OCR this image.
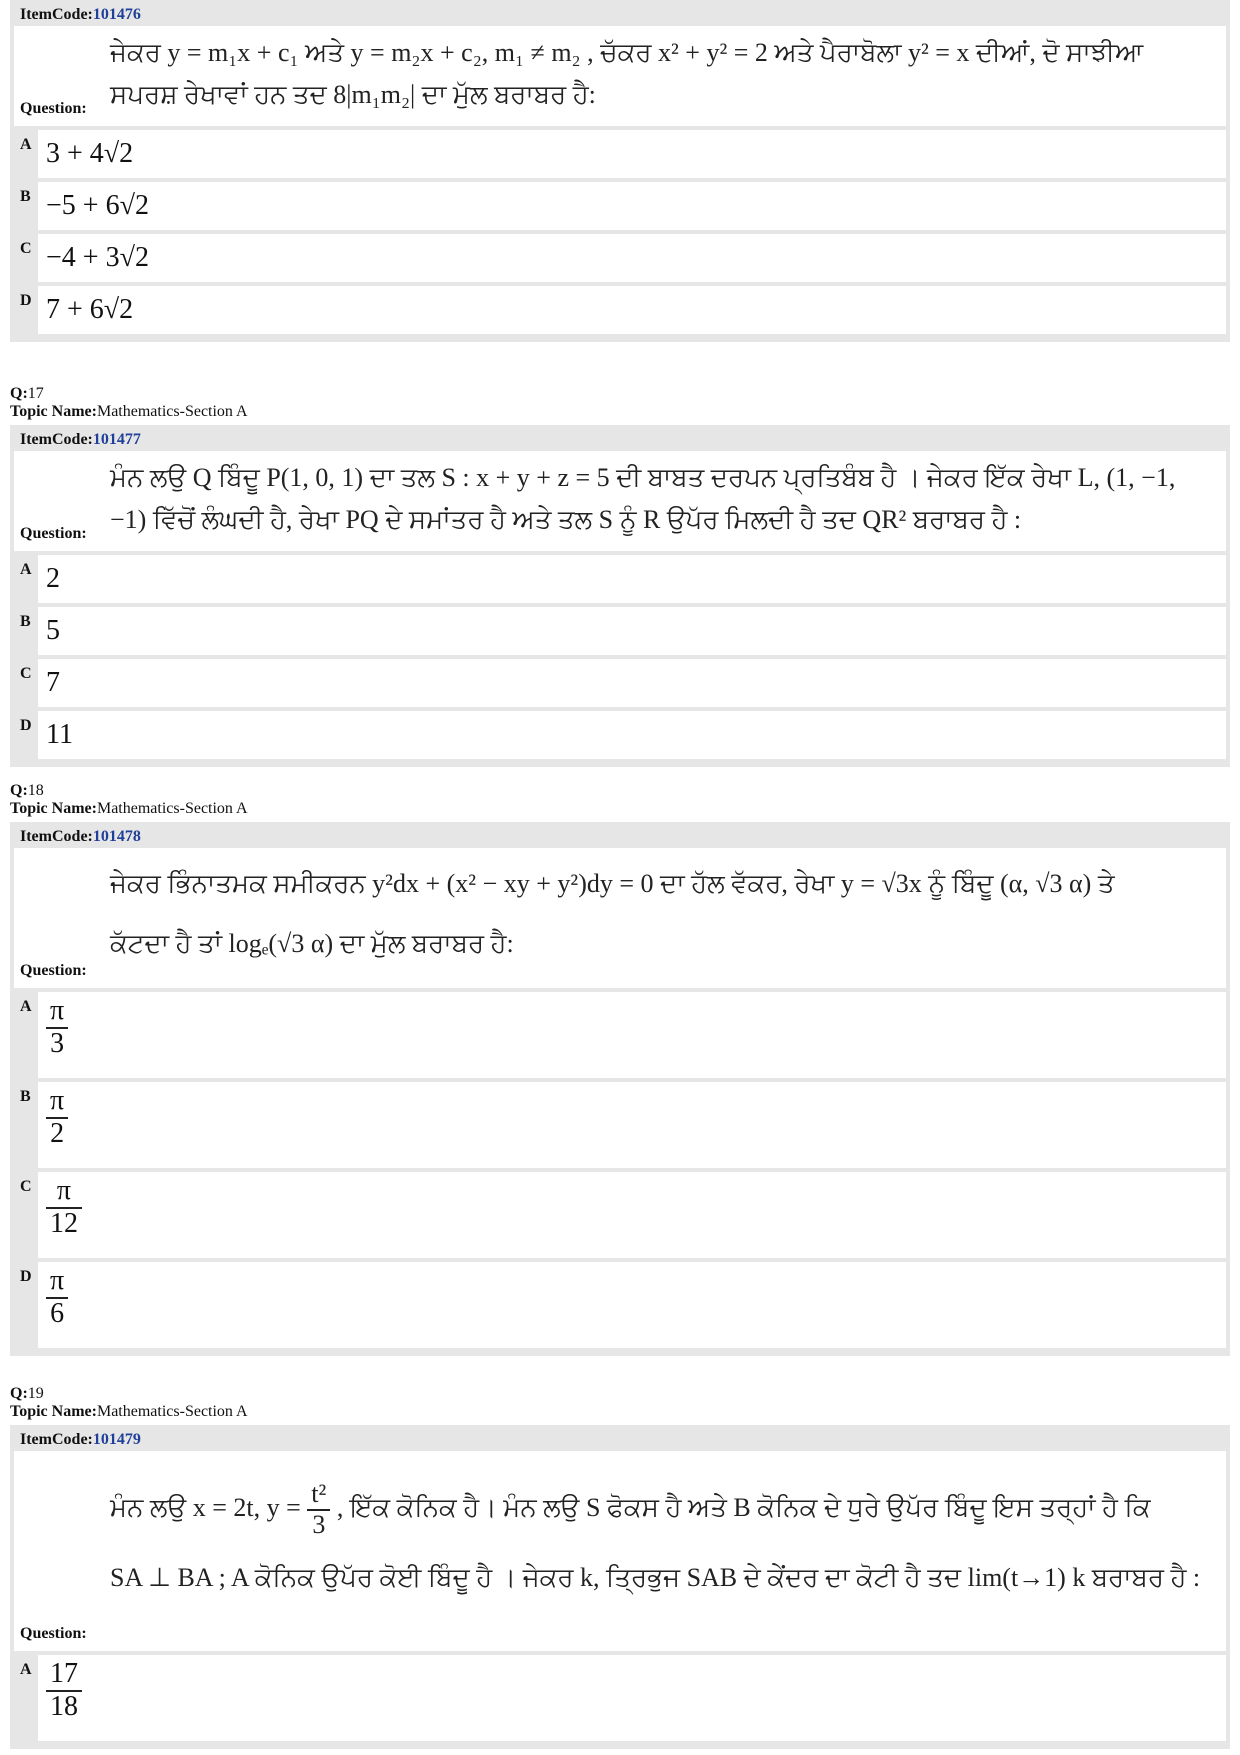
ItemCode:101476
ਜੇਕਰ y = m₁x + c₁ ਅਤੇ y = m₂x + c₂, m₁ ≠ m₂ , ਚੱਕਰ x² + y² = 2 ਅਤੇ ਪੈਰਾਬੋਲਾ y² = x ਦੀਆਂ, ਦੋ ਸਾਝੀਆ ਸਪਰਸ਼ ਰੇਖਾਵਾਂ ਹਨ ਤਦ 8|m₁m₂| ਦਾ ਮੁੱਲ ਬਰਾਬਰ ਹੈ:
Question:
A 3 + 4√2
B −5 + 6√2
C −4 + 3√2
D 7 + 6√2
Q:17
Topic Name:Mathematics-Section A
ItemCode:101477
ਮੰਨ ਲਉ Q ਬਿੰਦੂ P(1, 0, 1) ਦਾ ਤਲ S : x + y + z = 5 ਦੀ ਬਾਬਤ ਦਰਪਨ ਪ੍ਰਤਿਬੰਬ ਹੈ । ਜੇਕਰ ਇੱਕ ਰੇਖਾ L, (1, −1, −1) ਵਿੱਚੋਂ ਲੰਘਦੀ ਹੈ, ਰੇਖਾ PQ ਦੇ ਸਮਾਂਤਰ ਹੈ ਅਤੇ ਤਲ S ਨੂੰ R ਉਪੱਰ ਮਿਲਦੀ ਹੈ ਤਦ QR² ਬਰਾਬਰ ਹੈ :
Question:
A 2
B 5
C 7
D 11
Q:18
Topic Name:Mathematics-Section A
ItemCode:101478
ਜੇਕਰ ਭਿੰਨਾਤਮਕ ਸਮੀਕਰਨ y²dx + (x² − xy + y²)dy = 0 ਦਾ ਹੱਲ ਵੱਕਰ, ਰੇਖਾ y = √3x ਨੂੰ ਬਿੰਦੂ (α, √3 α) ਤੇ
ਕੱਟਦਾ ਹੈ ਤਾਂ logₑ(√3 α) ਦਾ ਮੁੱਲ ਬਰਾਬਰ ਹੈ:
Question:
A $\frac{\pi}{3}$
B $\frac{\pi}{2}$
C $\frac{\pi}{12}$
D $\frac{\pi}{6}$
Q:19
Topic Name:Mathematics-Section A
ItemCode:101479
ਮੰਨ ਲਉ x = 2t, $y = \frac{\text{t²}}{3}$ , ਇੱਕ ਕੋਨਿਕ ਹੈ। ਮੰਨ ਲਉ S ਫੋਕਸ ਹੈ ਅਤੇ B ਕੋਨਿਕ ਦੇ ਧੁਰੇ ਉਪੱਰ ਬਿੰਦੂ ਇਸ ਤਰ੍ਹਾਂ ਹੈ ਕਿ
SA ⊥ BA ; A ਕੋਨਿਕ ਉਪੱਰ ਕੋਈ ਬਿੰਦੂ ਹੈ । ਜੇਕਰ k, ਤ੍ਰਿਭੁਜ SAB ਦੇ ਕੇਂਦਰ ਦਾ ਕੋਟੀ ਹੈ ਤਦ lim(t→1) k ਬਰਾਬਰ ਹੈ :
Question:
A $\frac{17}{18}$
